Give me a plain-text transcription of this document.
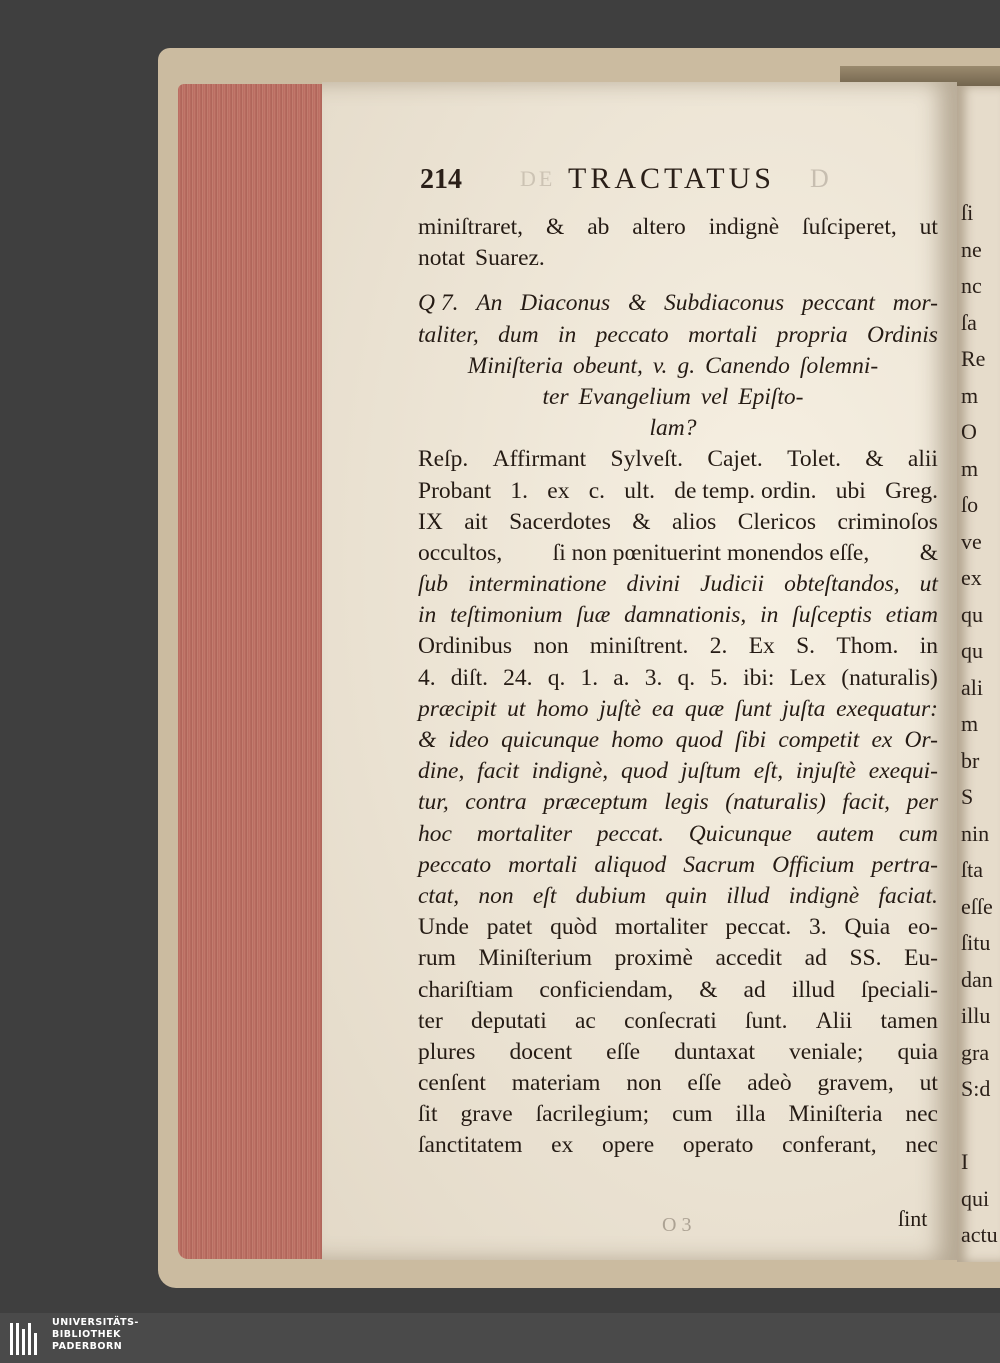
214	DE TRACTATUS D
miniſtraret, & ab altero indignè ſuſciperet, ut
notat Suarez.
Q 7. An Diaconus & Subdiaconus peccant mor-
taliter, dum in peccato mortali propria Ordinis
Miniſteria obeunt, v. g. Canendo ſolemni-
ter Evangelium vel Epiſto-
lam?
Reſp. Affirmant Sylveſt. Cajet. Tolet. & alii
Probant 1. ex c. ult. de temp. ordin. ubi Greg.
IX ait Sacerdotes & alios Clericos criminoſos
occultos, ſi non pœnituerint monendos eſſe, &
ſub interminatione divini Judicii obteſtandos, ut
in teſtimonium ſuæ damnationis, in ſuſceptis etiam
Ordinibus non miniſtrent. 2. Ex S. Thom. in
4. diſt. 24. q. 1. a. 3. q. 5. ibi: Lex (naturalis)
præcipit ut homo juſtè ea quæ ſunt juſta exequatur:
& ideo quicunque homo quod ſibi competit ex Or-
dine, facit indignè, quod juſtum eſt, injuſtè exequi-
tur, contra præceptum legis (naturalis) facit, per
hoc mortaliter peccat. Quicunque autem cum
peccato mortali aliquod Sacrum Officium pertra-
ctat, non eſt dubium quin illud indignè faciat.
Unde patet quòd mortaliter peccat. 3. Quia eo-
rum Miniſterium proximè accedit ad SS. Eu-
chariſtiam conficiendam, & ad illud ſpeciali-
ter deputati ac conſecrati ſunt. Alii tamen
plures docent eſſe duntaxat veniale; quia
cenſent materiam non eſſe adeò gravem, ut
ſit grave ſacrilegium; cum illa Miniſteria nec
ſanctitatem ex opere operato conferant, nec
O 3	ſint
ſi
ne
nc
ſa
Re
m
O
m
ſo
ve
ex
qu
qu
ali
m
br
S
nin
ſta
eſſe
ſitu
dan
illu
gra
S:d
I
qui
actu
UNIVERSITÄTS-
BIBLIOTHEK
PADERBORN
